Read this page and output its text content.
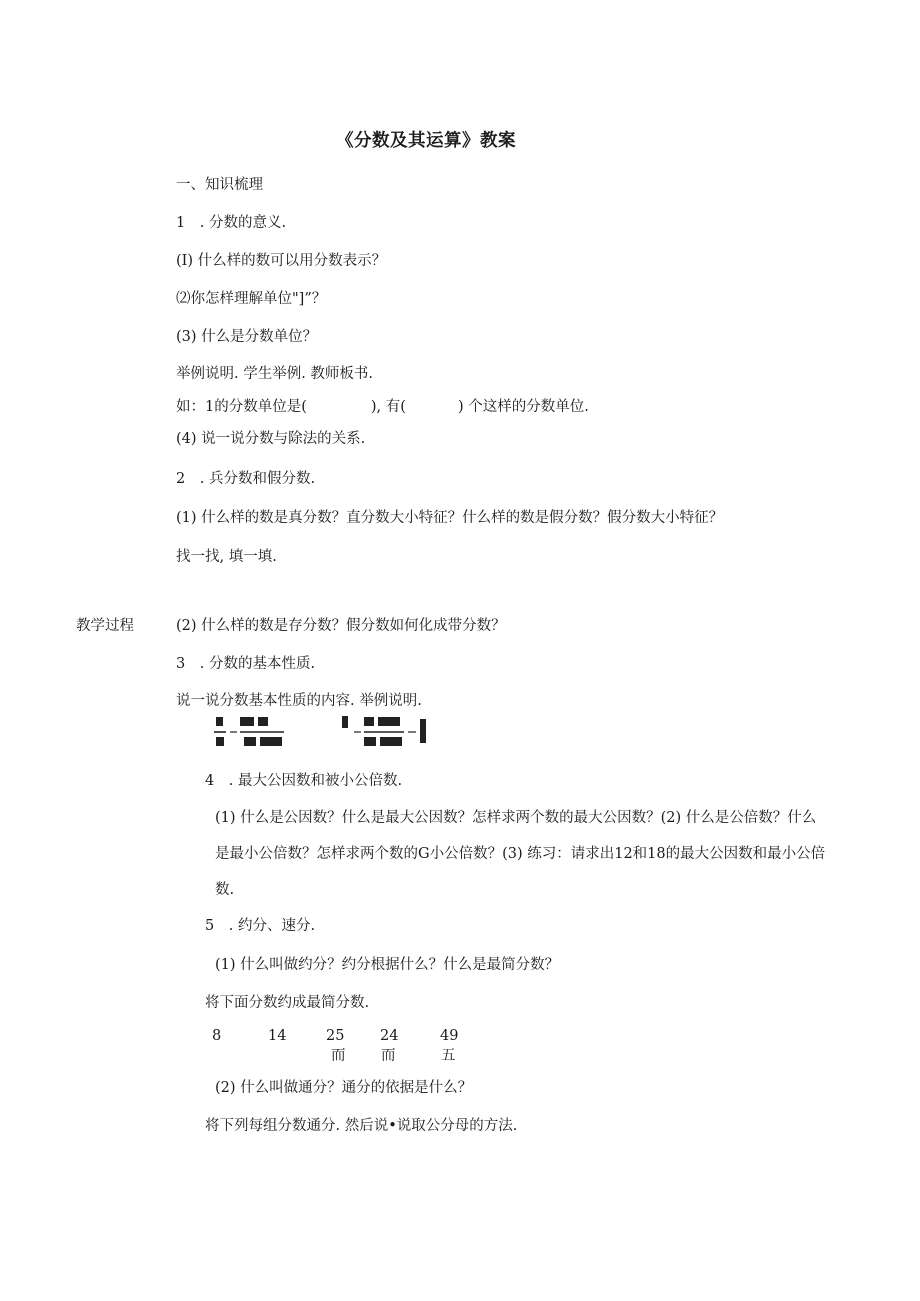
《分数及其运算》教案
一、知识梳理
1　. 分数的意义.
(I) 什么样的数可以用分数表示？
⑵你怎样理解单位"]”？
(3) 什么是分数单位？
举例说明. 学生举例. 教师板书.
如：1的分数单位是(	), 有(	) 个这样的分数单位.
(4) 说一说分数与除法的关系.
2　. 兵分数和假分数.
(1) 什么样的数是真分数？直分数大小特征？什么样的数是假分数？假分数大小特征？
找一找, 填一填.
教学过程	(2) 什么样的数是存分数？假分数如何化成带分数？
3　. 分数的基本性质.
说一说分数基本性质的内容. 举例说明.
4　. 最大公因数和被小公倍数.
(1) 什么是公因数？什么是最大公因数？怎样求两个数的最大公因数？(2) 什么是公倍数？什么
是最小公倍数？怎样求两个数的G小公倍数？(3) 练习：请求出12和18的最大公因数和最小公倍
数.
5　. 约分、速分.
(1) 什么叫做约分？约分根据什么？什么是最简分数？
将下面分数约成最简分数.
8	14	25 24	49
而 而	五
(2) 什么叫做通分？通分的依据是什么？
将下列每组分数通分. 然后说•说取公分母的方法.
